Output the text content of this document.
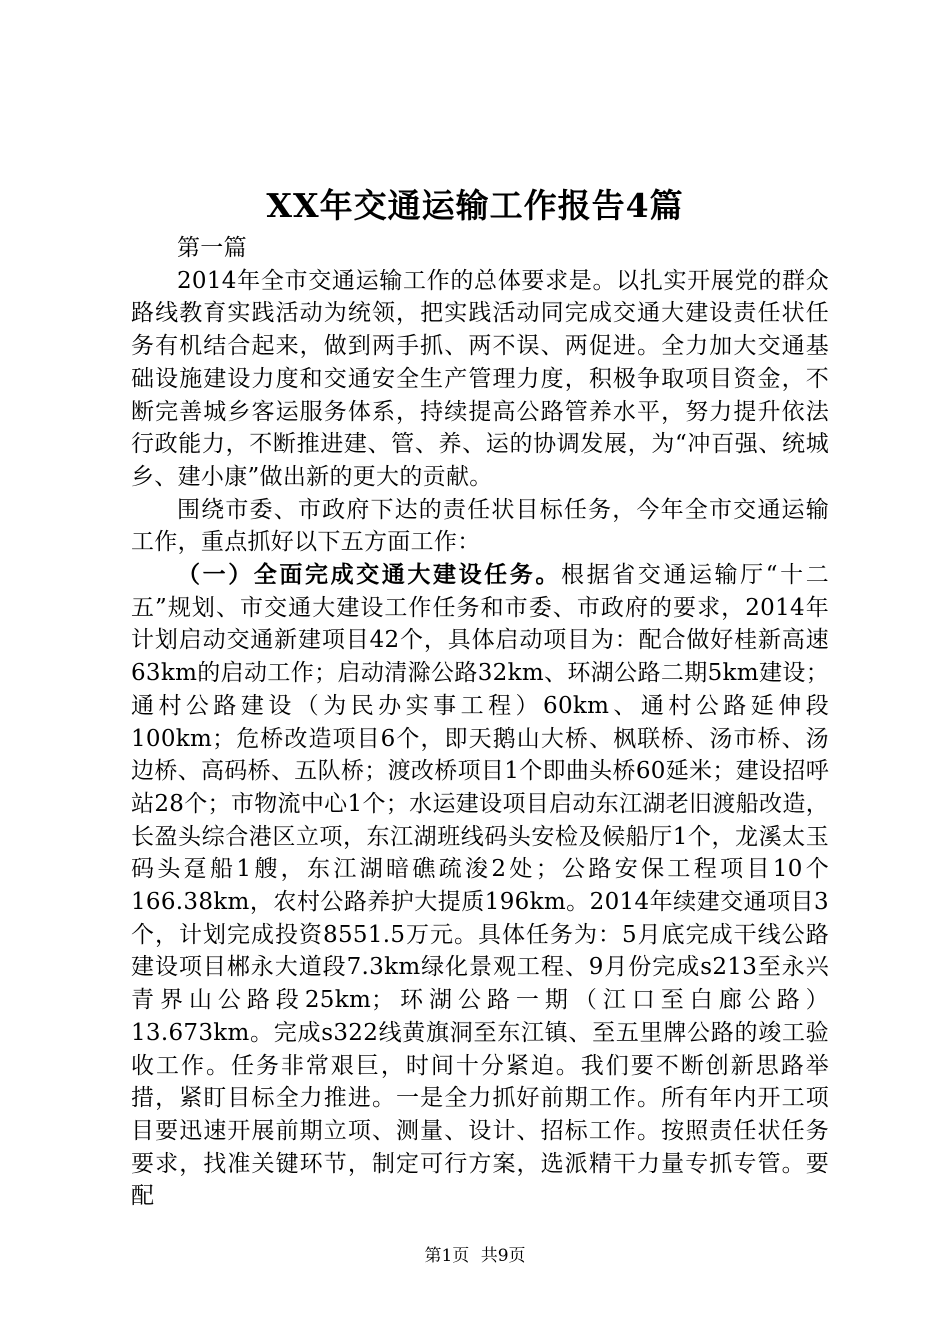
XX年交通运输工作报告4篇

第一篇

2014年全市交通运输工作的总体要求是。以扎实开展党的群众路线教育实践活动为统领，把实践活动同完成交通大建设责任状任务有机结合起来，做到两手抓、两不误、两促进。全力加大交通基础设施建设力度和交通安全生产管理力度，积极争取项目资金，不断完善城乡客运服务体系，持续提高公路管养水平，努力提升依法行政能力，不断推进建、管、养、运的协调发展，为“冲百强、统城乡、建小康”做出新的更大的贡献。

围绕市委、市政府下达的责任状目标任务，今年全市交通运输工作，重点抓好以下五方面工作：

（一）全面完成交通大建设任务。根据省交通运输厅“十二五”规划、市交通大建设工作任务和市委、市政府的要求，2014年计划启动交通新建项目42个，具体启动项目为：配合做好桂新高速63km的启动工作；启动清滁公路32km、环湖公路二期5km建设；通村公路建设（为民办实事工程）60km、通村公路延伸段100km；危桥改造项目6个，即天鹅山大桥、枫联桥、汤市桥、汤边桥、高码桥、五队桥；渡改桥项目1个即曲头桥60延米；建设招呼站28个；市物流中心1个；水运建设项目启动东江湖老旧渡船改造，长盈头综合港区立项，东江湖班线码头安检及候船厅1个，龙溪太玉码头趸船1艘，东江湖暗礁疏浚2处；公路安保工程项目10个166.38km，农村公路养护大提质196km。2014年续建交通项目3个，计划完成投资8551.5万元。具体任务为：5月底完成干线公路建设项目郴永大道段7.3km绿化景观工程、9月份完成s213至永兴青界山公路段25km；环湖公路一期（江口至白廊公路）13.673km。完成s322线黄旗洞至东江镇、至五里牌公路的竣工验收工作。任务非常艰巨，时间十分紧迫。我们要不断创新思路举措，紧盯目标全力推进。一是全力抓好前期工作。所有年内开工项目要迅速开展前期立项、测量、设计、招标工作。按照责任状任务要求，找准关键环节，制定可行方案，选派精干力量专抓专管。要配

第1页 共9页
